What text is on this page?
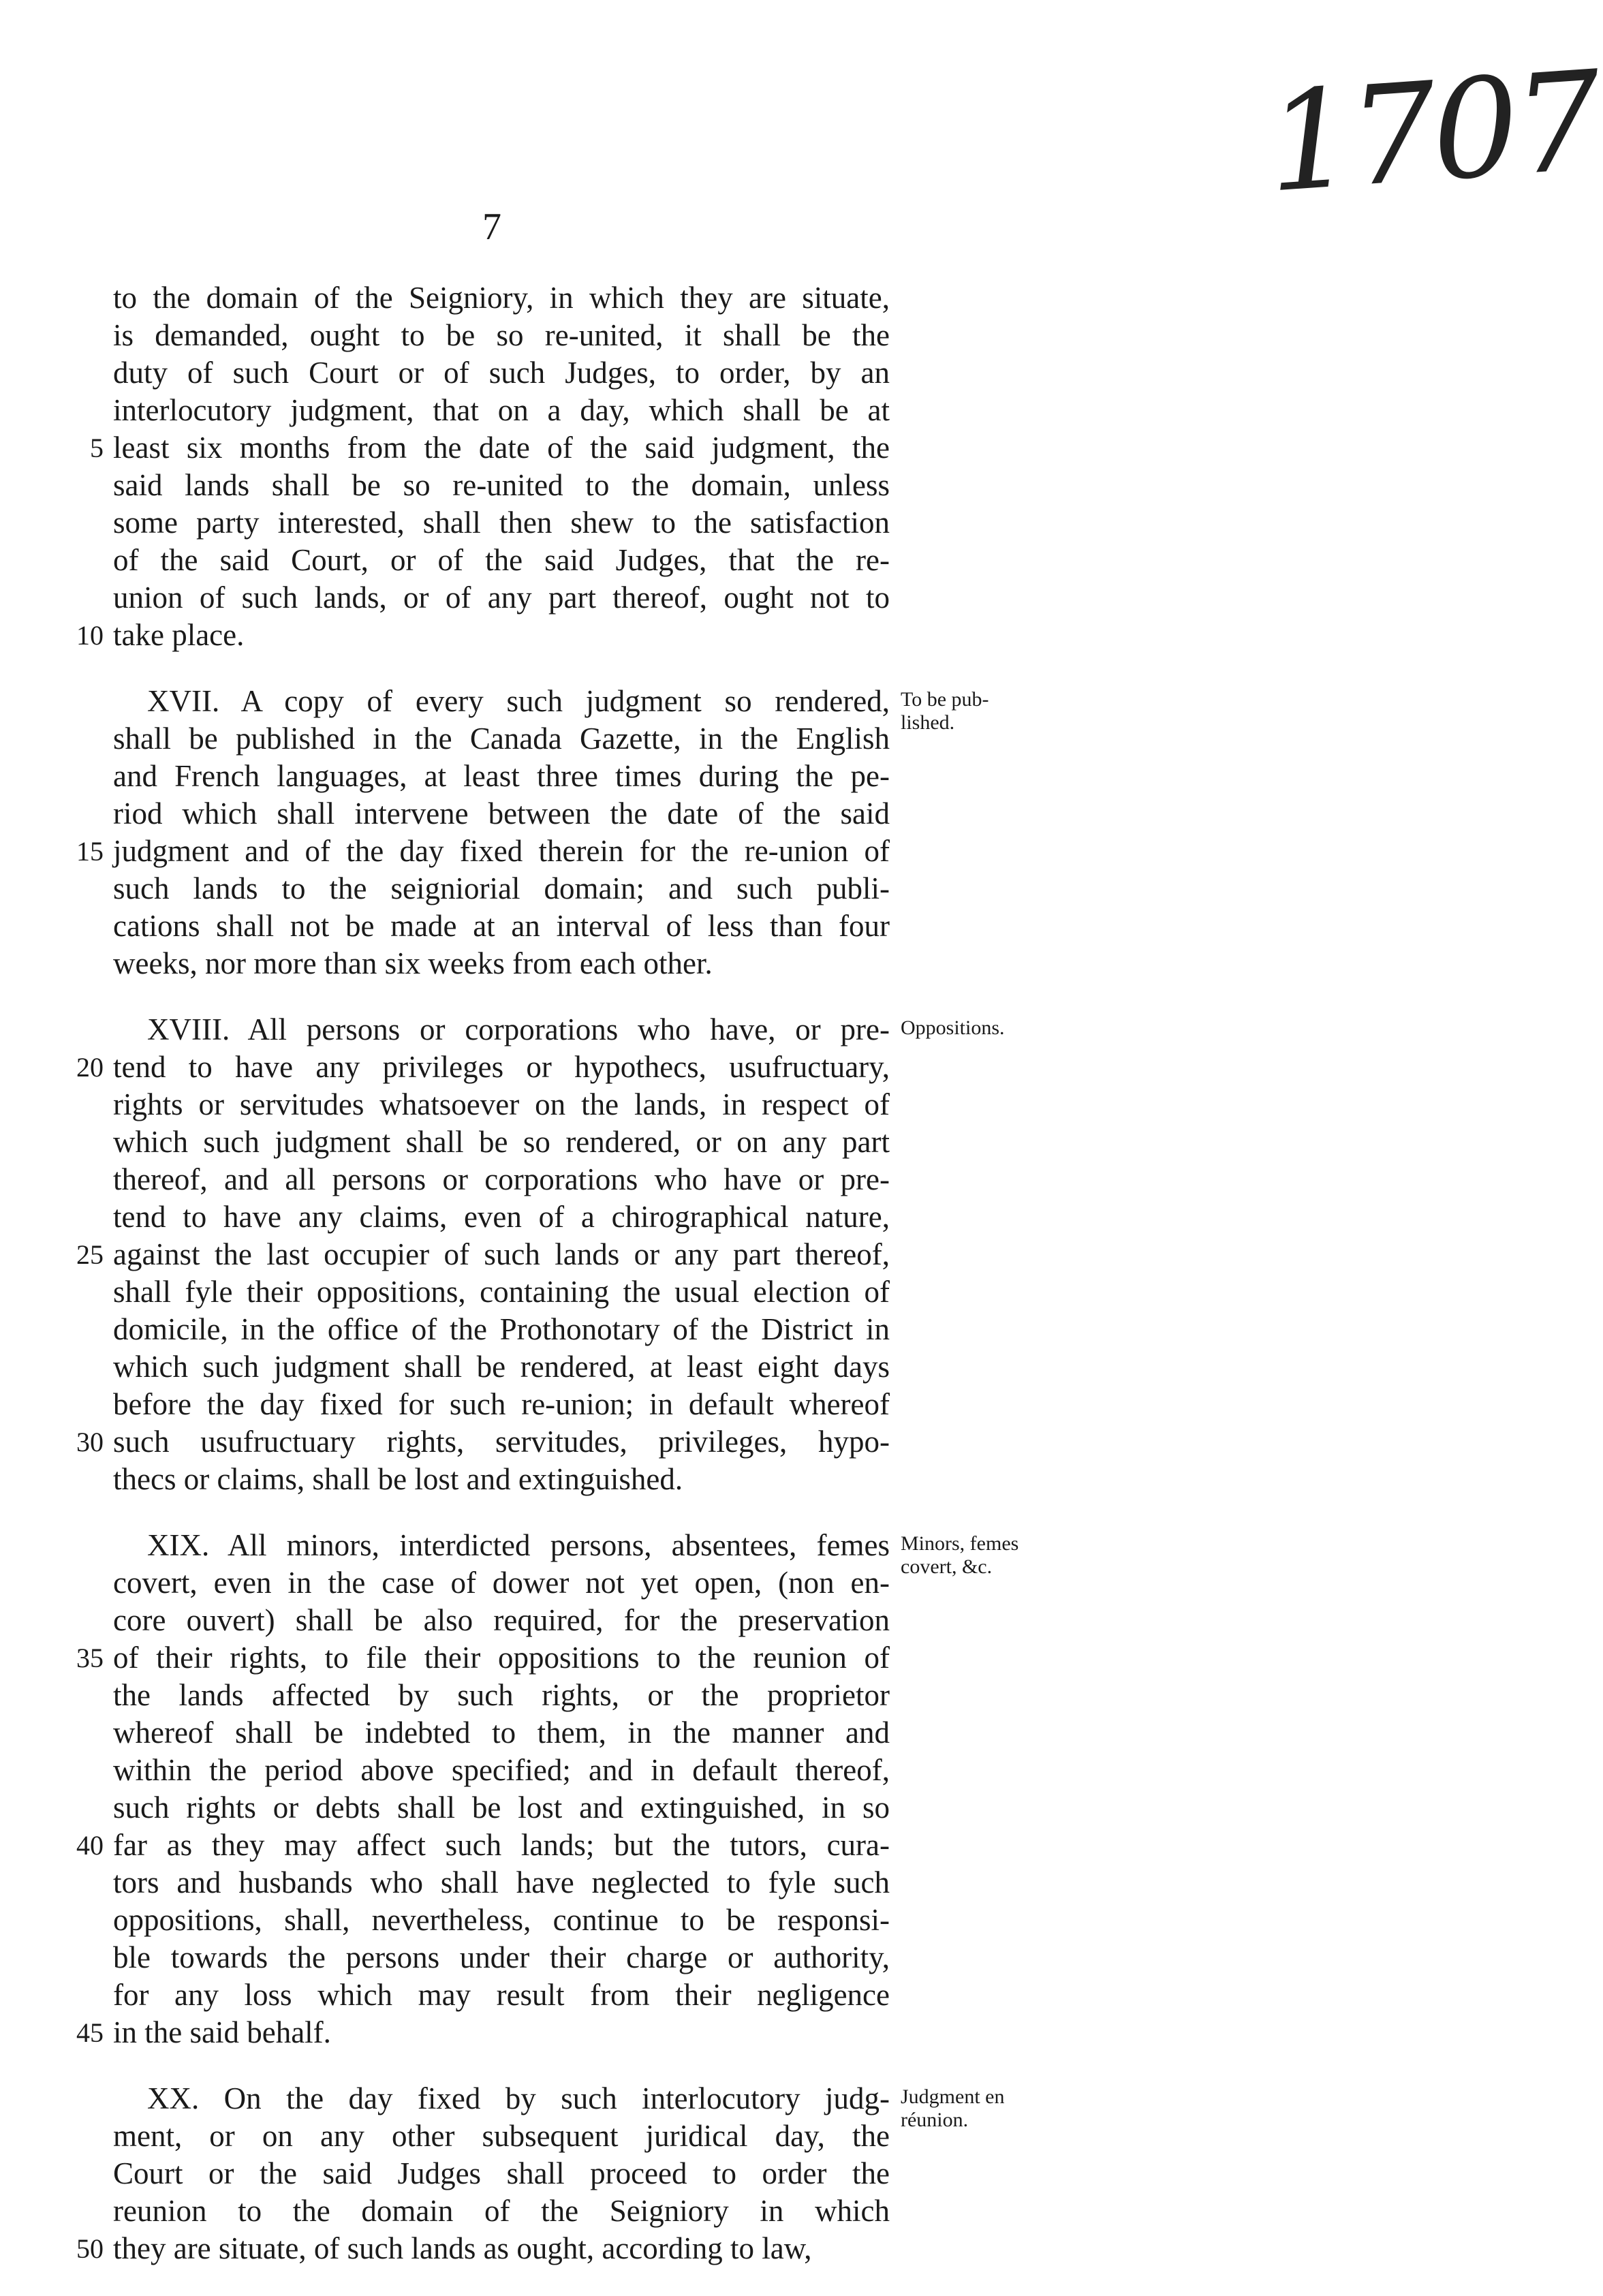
1707
7
to the domain of the Seigniory, in which they are situate,
is demanded, ought to be so re-united, it shall be the
duty of such Court or of such Judges, to order, by an
interlocutory judgment, that on a day, which shall be at
5 least six months from the date of the said judgment, the
said lands shall be so re-united to the domain, unless
some party interested, shall then shew to the satisfaction
of the said Court, or of the said Judges, that the re-
union of such lands, or of any part thereof, ought not to
10 take place.
XVII. A copy of every such judgment so rendered, To be pub-
lished.
shall be published in the Canada Gazette, in the English
and French languages, at least three times during the pe-
riod which shall intervene between the date of the said
15 judgment and of the day fixed therein for the re-union of
such lands to the seigniorial domain; and such publi-
cations shall not be made at an interval of less than four
weeks, nor more than six weeks from each other.
XVIII. All persons or corporations who have, or pre- Oppositions.
20 tend to have any privileges or hypothecs, usufructuary,
rights or servitudes whatsoever on the lands, in respect of
which such judgment shall be so rendered, or on any part
thereof, and all persons or corporations who have or pre-
tend to have any claims, even of a chirographical nature,
25 against the last occupier of such lands or any part thereof,
shall fyle their oppositions, containing the usual election of
domicile, in the office of the Prothonotary of the District in
which such judgment shall be rendered, at least eight days
before the day fixed for such re-union; in default whereof
30 such usufructuary rights, servitudes, privileges, hypo-
thecs or claims, shall be lost and extinguished.
XIX. All minors, interdicted persons, absentees, femes Minors, femes
covert, &c.
covert, even in the case of dower not yet open, (non en-
core ouvert) shall be also required, for the preservation
35 of their rights, to file their oppositions to the reunion of
the lands affected by such rights, or the proprietor
whereof shall be indebted to them, in the manner and
within the period above specified; and in default thereof,
such rights or debts shall be lost and extinguished, in so
40 far as they may affect such lands; but the tutors, cura-
tors and husbands who shall have neglected to fyle such
oppositions, shall, nevertheless, continue to be responsi-
ble towards the persons under their charge or authority,
for any loss which may result from their negligence
45 in the said behalf.
XX. On the day fixed by such interlocutory judg- Judgment en
réunion.
ment, or on any other subsequent juridical day, the
Court or the said Judges shall proceed to order the
reunion to the domain of the Seigniory in which
50 they are situate, of such lands as ought, according to law,
